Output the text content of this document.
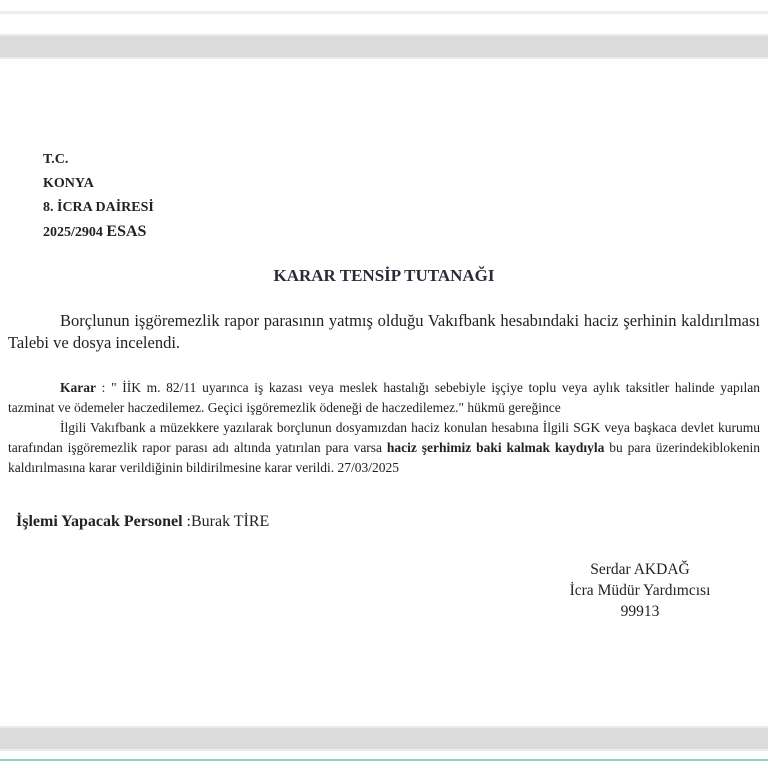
T.C.
KONYA
8. İCRA DAİRESİ
2025/2904 ESAS
KARAR TENSİP TUTANAĞI
Borçlunun işgöremezlik rapor parasının yatmış olduğu Vakıfbank hesabındaki haciz şerhinin kaldırılması Talebi ve dosya incelendi.

Karar : " İİK m. 82/11 uyarınca iş kazası veya meslek hastalığı sebebiyle işçiye toplu veya aylık taksitler halinde yapılan tazminat ve ödemeler haczedilemez. Geçici işgöremezlik ödeneği de haczedilemez." hükmü gereğince

İlgili Vakıfbank a müzekkere yazılarak borçlunun dosyamızdan haciz konulan hesabına İlgili SGK veya başkaca devlet kurumu tarafından işgöremezlik rapor parası adı altında yatırılan para varsa haciz şerhimiz baki kalmak kaydıyla bu para üzerindekiblokenin kaldırılmasına karar verildiğinin bildirilmesine karar verildi. 27/03/2025

İşlemi Yapacak Personel :Burak TİRE
Serdar AKDAĞ
İcra Müdür Yardımcısı
99913
